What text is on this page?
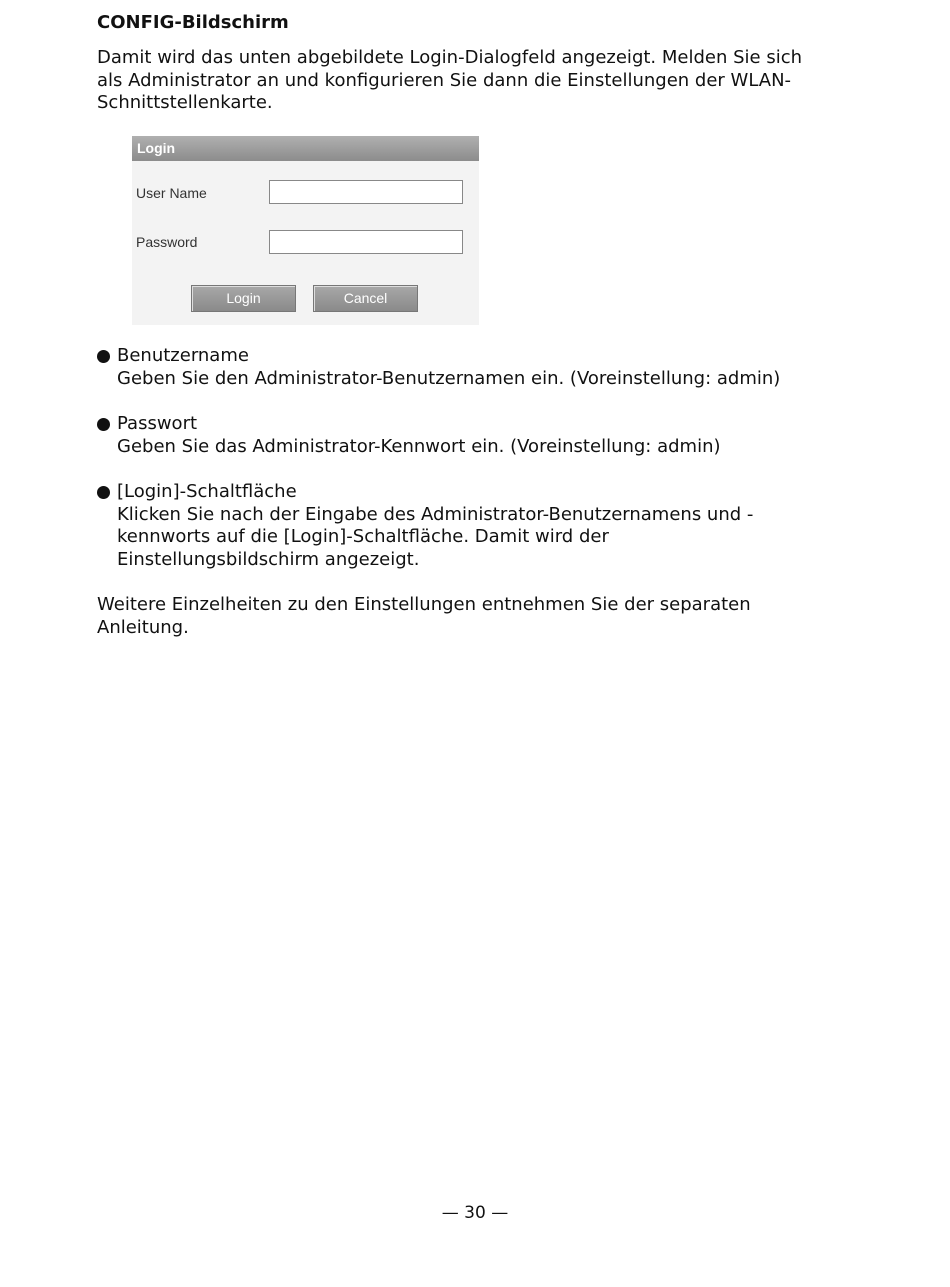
CONFIG-Bildschirm

Damit wird das unten abgebildete Login-Dialogfeld angezeigt. Melden Sie sich
als Administrator an und konfigurieren Sie dann die Einstellungen der WLAN-
Schnittstellenkarte.

Login
User Name
Password
Login	Cancel
Benutzername
Geben Sie den Administrator-Benutzernamen ein. (Voreinstellung: admin)
Passwort
Geben Sie das Administrator-Kennwort ein. (Voreinstellung: admin)
[Login]-Schaltfläche
Klicken Sie nach der Eingabe des Administrator-Benutzernamens und -
kennworts auf die [Login]-Schaltfläche. Damit wird der
Einstellungsbildschirm angezeigt.
Weitere Einzelheiten zu den Einstellungen entnehmen Sie der separaten
Anleitung.
— 30 —
